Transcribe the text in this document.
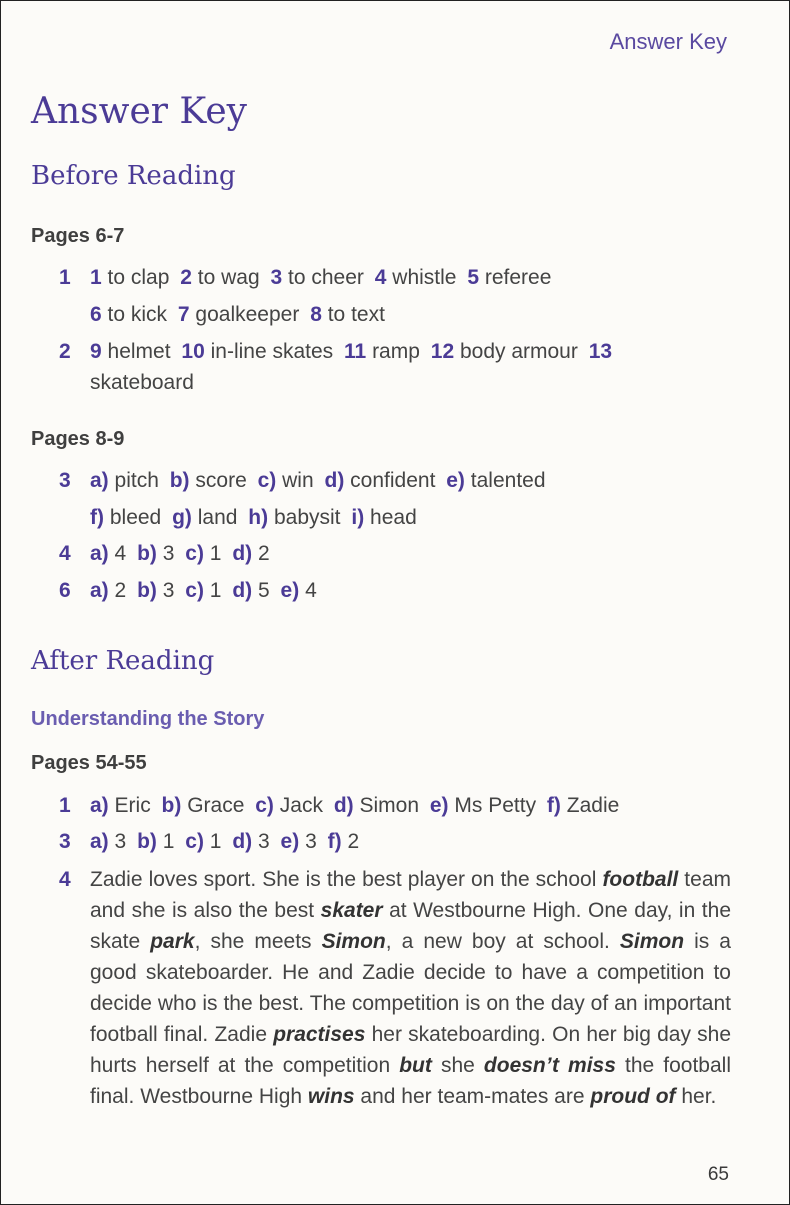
Answer Key
Answer Key
Before Reading
Pages 6-7
1 1 to clap 2 to wag 3 to cheer 4 whistle 5 referee
6 to kick 7 goalkeeper 8 to text
2 9 helmet 10 in-line skates 11 ramp 12 body armour 13
skateboard
Pages 8-9
3 a) pitch b) score c) win d) confident e) talented
f) bleed g) land h) babysit i) head
4 a) 4 b) 3 c) 1 d) 2
6 a) 2 b) 3 c) 1 d) 5 e) 4
After Reading
Understanding the Story
Pages 54-55
1 a) Eric b) Grace c) Jack d) Simon e) Ms Petty f) Zadie
3 a) 3 b) 1 c) 1 d) 3 e) 3 f) 2
4 Zadie loves sport. She is the best player on the school football team and she is also the best skater at Westbourne High. One day, in the skate park, she meets Simon, a new boy at school. Simon is a good skateboarder. He and Zadie decide to have a competition to decide who is the best. The competition is on the day of an important football final. Zadie practises her skateboarding. On her big day she hurts herself at the competition but she doesn’t miss the football final. Westbourne High wins and her team-mates are proud of her.
65
